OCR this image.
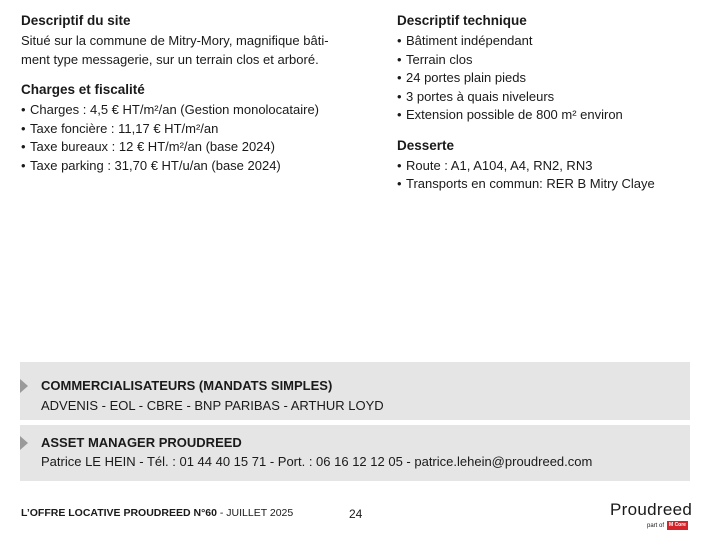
Descriptif du site

Situé sur la commune de Mitry-Mory, magnifique bâti-

ment type messagerie, sur un terrain clos et arboré.

Charges et fiscalité
• Charges : 4,5 € HT/m²/an (Gestion monolocataire)
• Taxe foncière : 11,17 € HT/m²/an
• Taxe bureaux : 12 € HT/m²/an (base 2024)
• Taxe parking : 31,70 € HT/u/an (base 2024)
Descriptif technique
• Bâtiment indépendant
• Terrain clos
• 24 portes plain pieds
• 3 portes à quais niveleurs
• Extension possible de 800 m² environ
Desserte
• Route : A1, A104, A4, RN2, RN3
• Transports en commun: RER B Mitry Claye
COMMERCIALISATEURS (MANDATS SIMPLES)
ADVENIS - EOL - CBRE - BNP PARIBAS - ARTHUR LOYD
ASSET MANAGER PROUDREED
Patrice LE HEIN - Tél. : 01 44 40 15 71 - Port. : 06 16 12 12 05 - patrice.lehein@proudreed.com
L’OFFRE LOCATIVE PROUDREED N°60 - JUILLET 2025	24	Proudreed
part of	M Core
